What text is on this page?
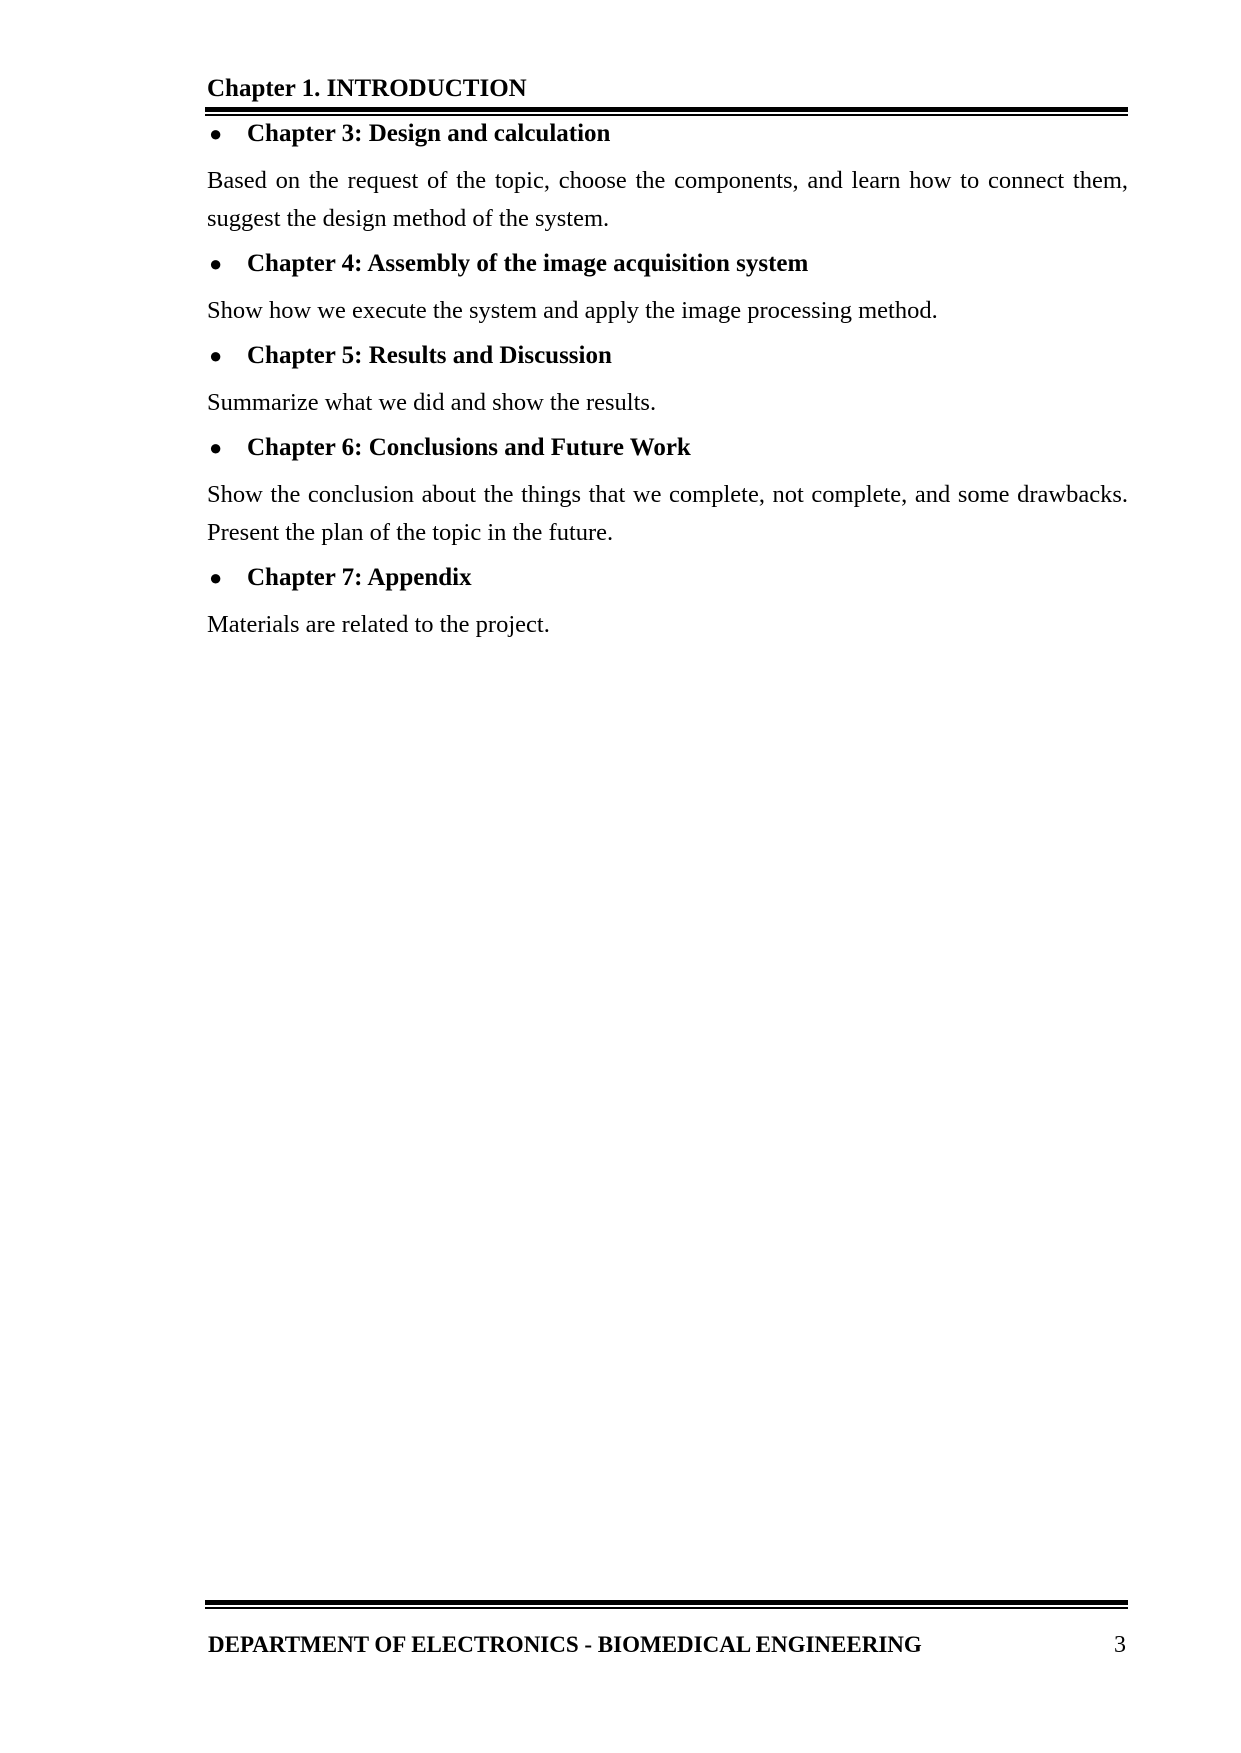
Chapter 1. INTRODUCTION
● Chapter 3: Design and calculation

Based on the request of the topic, choose the components, and learn how to connect them, suggest the design method of the system.

● Chapter 4: Assembly of the image acquisition system

Show how we execute the system and apply the image processing method.

● Chapter 5: Results and Discussion

Summarize what we did and show the results.

● Chapter 6: Conclusions and Future Work

Show the conclusion about the things that we complete, not complete, and some drawbacks. Present the plan of the topic in the future.

● Chapter 7: Appendix

Materials are related to the project.

DEPARTMENT OF ELECTRONICS - BIOMEDICAL ENGINEERING	3
